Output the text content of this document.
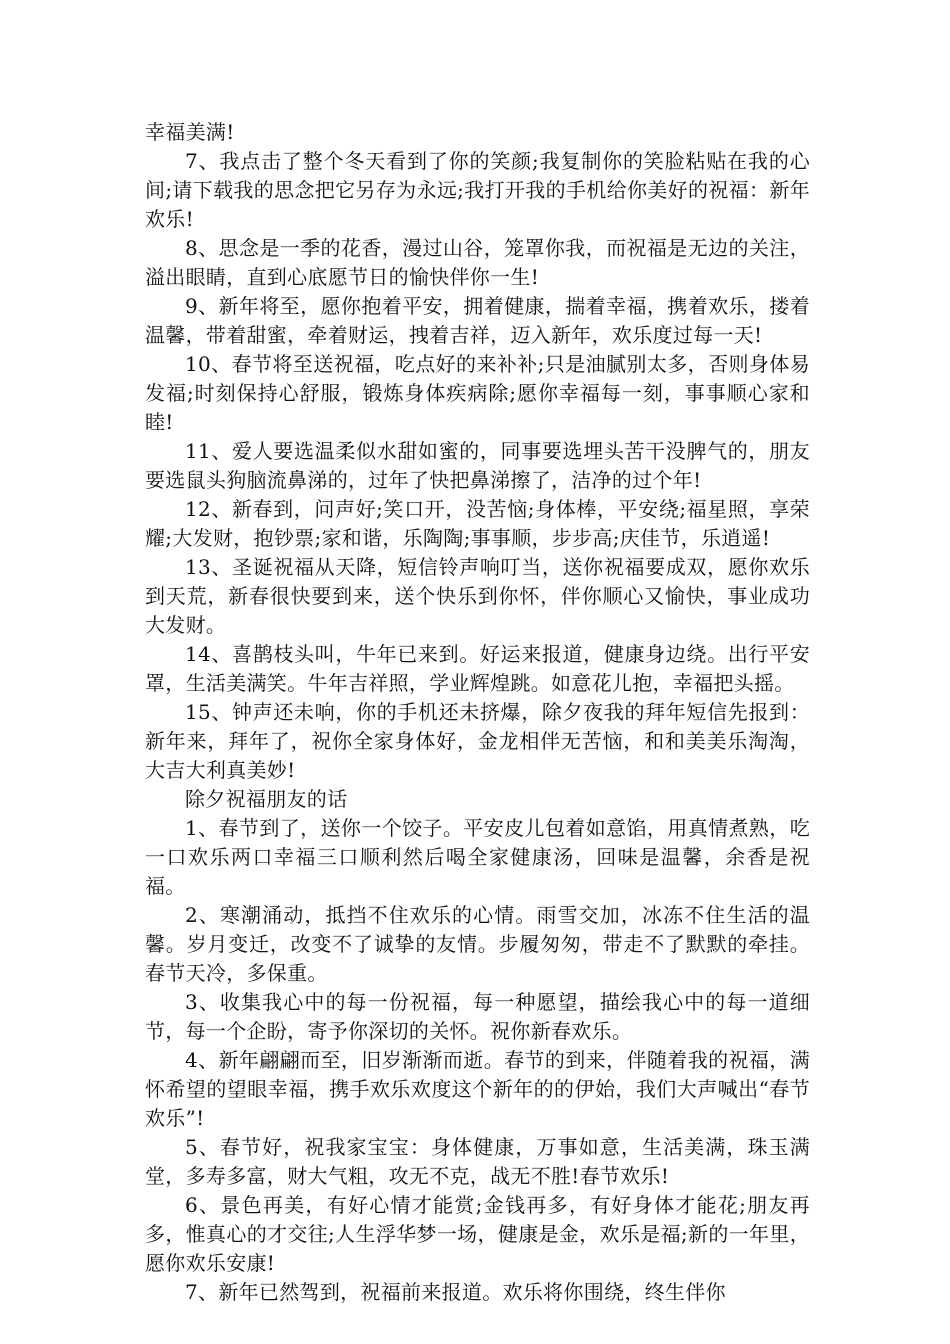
幸福美满!

7、我点击了整个冬天看到了你的笑颜;我复制你的笑脸粘贴在我的心间;请下载我的思念把它另存为永远;我打开我的手机给你美好的祝福：新年欢乐!

8、思念是一季的花香，漫过山谷，笼罩你我，而祝福是无边的关注，溢出眼睛，直到心底愿节日的愉快伴你一生!

9、新年将至，愿你抱着平安，拥着健康，揣着幸福，携着欢乐，搂着温馨，带着甜蜜，牵着财运，拽着吉祥，迈入新年，欢乐度过每一天!

10、春节将至送祝福，吃点好的来补补;只是油腻别太多，否则身体易发福;时刻保持心舒服，锻炼身体疾病除;愿你幸福每一刻，事事顺心家和睦!

11、爱人要选温柔似水甜如蜜的，同事要选埋头苦干没脾气的，朋友要选鼠头狗脑流鼻涕的，过年了快把鼻涕擦了，洁净的过个年!

12、新春到，问声好;笑口开，没苦恼;身体棒，平安绕;福星照，享荣耀;大发财，抱钞票;家和谐，乐陶陶;事事顺，步步高;庆佳节，乐逍遥!

13、圣诞祝福从天降，短信铃声响叮当，送你祝福要成双，愿你欢乐到天荒，新春很快要到来，送个快乐到你怀，伴你顺心又愉快，事业成功大发财。

14、喜鹊枝头叫，牛年已来到。好运来报道，健康身边绕。出行平安罩，生活美满笑。牛年吉祥照，学业辉煌跳。如意花儿抱，幸福把头摇。

15、钟声还未响，你的手机还未挤爆，除夕夜我的拜年短信先报到：新年来，拜年了，祝你全家身体好，金龙相伴无苦恼，和和美美乐淘淘，大吉大利真美妙!

除夕祝福朋友的话

1、春节到了，送你一个饺子。平安皮儿包着如意馅，用真情煮熟，吃一口欢乐两口幸福三口顺利然后喝全家健康汤，回味是温馨，余香是祝福。

2、寒潮涌动，抵挡不住欢乐的心情。雨雪交加，冰冻不住生活的温馨。岁月变迁，改变不了诚挚的友情。步履匆匆，带走不了默默的牵挂。春节天冷，多保重。

3、收集我心中的每一份祝福，每一种愿望，描绘我心中的每一道细节，每一个企盼，寄予你深切的关怀。祝你新春欢乐。

4、新年翩翩而至，旧岁渐渐而逝。春节的到来，伴随着我的祝福，满怀希望的望眼幸福，携手欢乐欢度这个新年的的伊始，我们大声喊出“春节欢乐”!

5、春节好，祝我家宝宝：身体健康，万事如意，生活美满，珠玉满堂，多寿多富，财大气粗，攻无不克，战无不胜!春节欢乐!

6、景色再美，有好心情才能赏;金钱再多，有好身体才能花;朋友再多，惟真心的才交往;人生浮华梦一场，健康是金，欢乐是福;新的一年里，愿你欢乐安康!

7、新年已然驾到，祝福前来报道。欢乐将你围绕，终生伴你
